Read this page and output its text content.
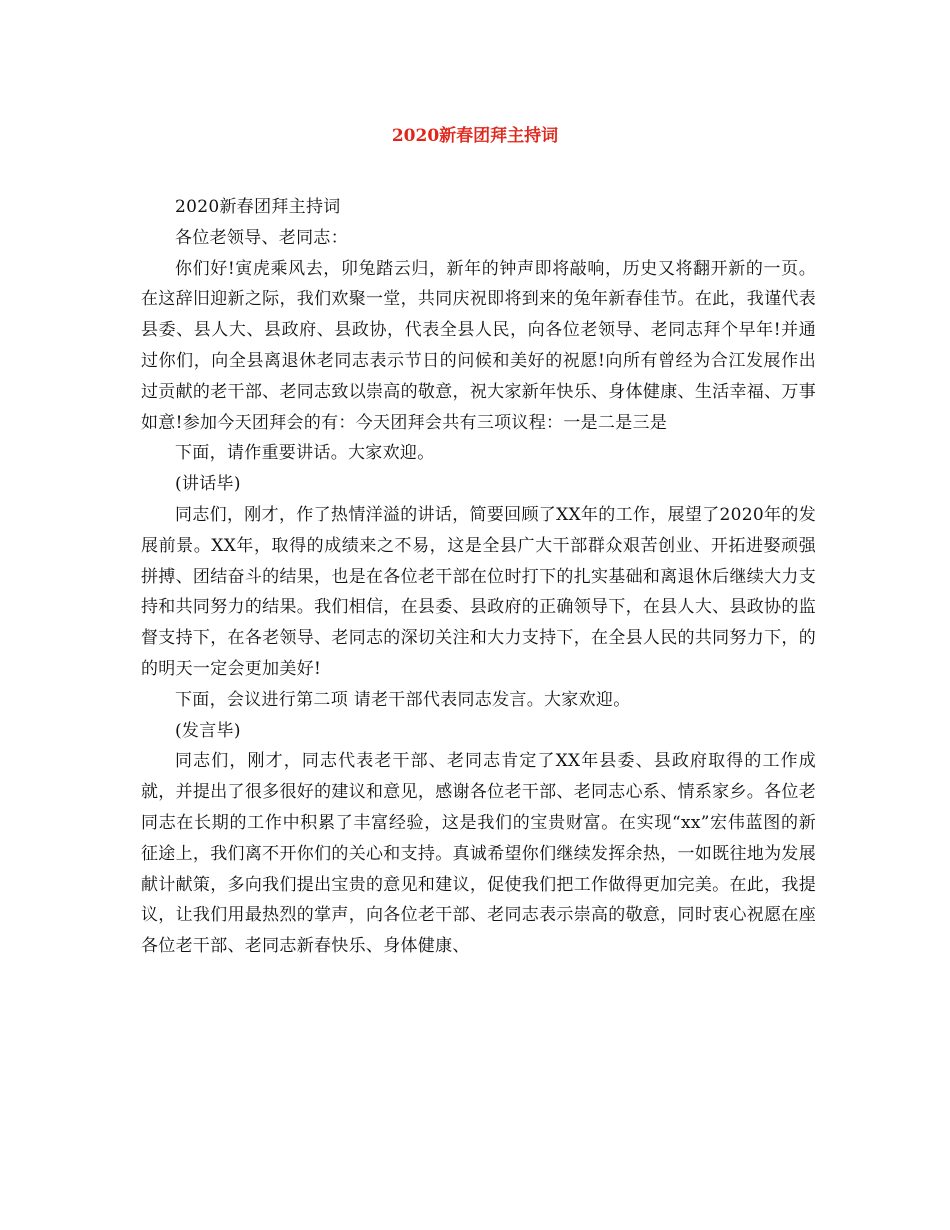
2020新春团拜主持词

2020新春团拜主持词

各位老领导、老同志：

你们好!寅虎乘风去，卯兔踏云归，新年的钟声即将敲响，历史又将翻开新的一页。在这辞旧迎新之际，我们欢聚一堂，共同庆祝即将到来的兔年新春佳节。在此，我谨代表县委、县人大、县政府、县政协，代表全县人民，向各位老领导、老同志拜个早年!并通过你们，向全县离退休老同志表示节日的问候和美好的祝愿!向所有曾经为合江发展作出过贡献的老干部、老同志致以崇高的敬意，祝大家新年快乐、身体健康、生活幸福、万事如意!参加今天团拜会的有：今天团拜会共有三项议程：一是二是三是

下面，请作重要讲话。大家欢迎。

(讲话毕)

同志们，刚才，作了热情洋溢的讲话，简要回顾了XX年的工作，展望了2020年的发展前景。XX年，取得的成绩来之不易，这是全县广大干部群众艰苦创业、开拓进娶顽强拼搏、团结奋斗的结果，也是在各位老干部在位时打下的扎实基础和离退休后继续大力支持和共同努力的结果。我们相信，在县委、县政府的正确领导下，在县人大、县政协的监督支持下，在各老领导、老同志的深切关注和大力支持下，在全县人民的共同努力下，的的明天一定会更加美好!

下面，会议进行第二项 请老干部代表同志发言。大家欢迎。

(发言毕)

同志们，刚才，同志代表老干部、老同志肯定了XX年县委、县政府取得的工作成就，并提出了很多很好的建议和意见，感谢各位老干部、老同志心系、情系家乡。各位老同志在长期的工作中积累了丰富经验，这是我们的宝贵财富。在实现“xx”宏伟蓝图的新征途上，我们离不开你们的关心和支持。真诚希望你们继续发挥余热，一如既往地为发展献计献策，多向我们提出宝贵的意见和建议，促使我们把工作做得更加完美。在此，我提议，让我们用最热烈的掌声，向各位老干部、老同志表示崇高的敬意，同时衷心祝愿在座各位老干部、老同志新春快乐、身体健康、
